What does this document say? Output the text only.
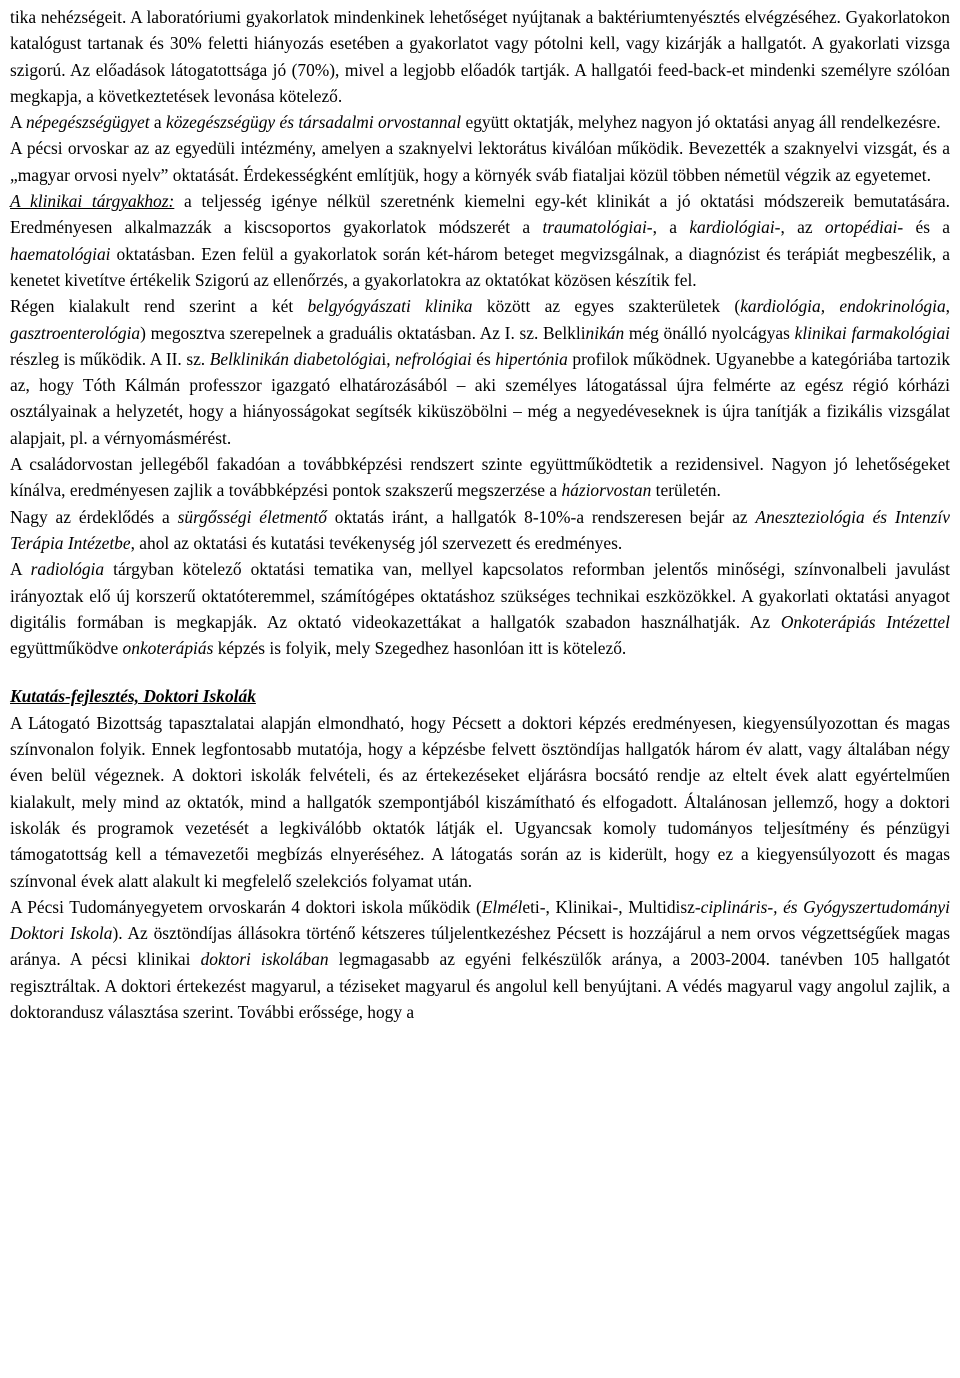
tika nehézségeit. A laboratóriumi gyakorlatok mindenkinek lehetőséget nyújtanak a baktériumtenyésztés elvégzéséhez. Gyakorlatokon katalógust tartanak és 30% feletti hiányozás esetében a gyakorlatot vagy pótolni kell, vagy kizárják a hallgatót. A gyakorlati vizsga szigorú. Az előadások látogatottsága jó (70%), mivel a legjobb előadók tartják. A hallgatói feed-back-et mindenki személyre szólóan megkapja, a következtetések levonása kötelező.

A népegészségügyet a közegészségügy és társadalmi orvostannal együtt oktatják, melyhez nagyon jó oktatási anyag áll rendelkezésre.

A pécsi orvoskar az az egyedüli intézmény, amelyen a szaknyelvi lektorátus kiválóan működik. Bevezették a szaknyelvi vizsgát, és a „magyar orvosi nyelv” oktatását. Érdekességként említjük, hogy a környék sváb fiataljai közül többen németül végzik az egyetemet.

A klinikai tárgyakhoz: a teljesség igénye nélkül szeretnénk kiemelni egy-két klinikát a jó oktatási módszereik bemutatására. Eredményesen alkalmazzák a kiscsoportos gyakorlatok módszerét a traumatológiai-, a kardiológiai-, az ortopédiai- és a haematológiai oktatásban. Ezen felül a gyakorlatok során két-három beteget megvizsgálnak, a diagnózist és terápiát megbeszélik, a kenetet kivetítve értékelik Szigorú az ellenőrzés, a gyakorlatokra az oktatókat közösen készítik fel.

Régen kialakult rend szerint a két belgyógyászati klinika között az egyes szakterületek (kardiológia, endokrinológia, gasztroenterológia) megosztva szerepelnek a graduális oktatásban. Az I. sz. Belklinikán még önálló nyolcágyas klinikai farmakológiai részleg is működik. A II. sz. Belklinikán diabetológiai, nefrológiai és hipertónia profilok működnek. Ugyanebbe a kategóriába tartozik az, hogy Tóth Kálmán professzor igazgató elhatározásából – aki személyes látogatással újra felmérte az egész régió kórházi osztályainak a helyzetét, hogy a hiányosságokat segítsék kiküszöbölni – még a negyedéveseknek is újra tanítják a fizikális vizsgálat alapjait, pl. a vérnyomásmérést.

A családorvostan jellegéből fakadóan a továbbképzési rendszert szinte együttműködtetik a rezidensivel. Nagyon jó lehetőségeket kínálva, eredményesen zajlik a továbbképzési pontok szakszerű megszerzése a háziorvostan területén.

Nagy az érdeklődés a sürgősségi életmentő oktatás iránt, a hallgatók 8-10%-a rendszeresen bejár az Aneszteziológia és Intenzív Terápia Intézetbe, ahol az oktatási és kutatási tevékenység jól szervezett és eredményes.

A radiológia tárgyban kötelező oktatási tematika van, mellyel kapcsolatos reformban jelentős minőségi, színvonalbeli javulást irányoztak elő új korszerű oktatóteremmel, számítógépes oktatáshoz szükséges technikai eszközökkel. A gyakorlati oktatási anyagot digitális formában is megkapják. Az oktató videokazettákat a hallgatók szabadon használhatják. Az Onkoterápiás Intézettel együttműködve onkoterápiás képzés is folyik, mely Szegedhez hasonlóan itt is kötelező.

Kutatás-fejlesztés, Doktori Iskolák

A Látogató Bizottság tapasztalatai alapján elmondható, hogy Pécsett a doktori képzés eredményesen, kiegyensúlyozottan és magas színvonalon folyik. Ennek legfontosabb mutatója, hogy a képzésbe felvett ösztöndíjas hallgatók három év alatt, vagy általában négy éven belül végeznek. A doktori iskolák felvételi, és az értekezéseket eljárásra bocsátó rendje az eltelt évek alatt egyértelműen kialakult, mely mind az oktatók, mind a hallgatók szempontjából kiszámítható és elfogadott. Általánosan jellemző, hogy a doktori iskolák és programok vezetését a legkiválóbb oktatók látják el. Ugyancsak komoly tudományos teljesítmény és pénzügyi támogatottság kell a témavezetői megbízás elnyeréséhez. A látogatás során az is kiderült, hogy ez a kiegyensúlyozott és magas színvonal évek alatt alakult ki megfelelő szelekciós folyamat után.

A Pécsi Tudományegyetem orvoskarán 4 doktori iskola működik (Elméleti-, Klinikai-, Multidisz-ciplináris-, és Gyógyszertudományi Doktori Iskola). Az ösztöndíjas állásokra történő kétszeres túljelentkezéshez Pécsett is hozzájárul a nem orvos végzettségűek magas aránya. A pécsi klinikai doktori iskolában legmagasabb az egyéni felkészülők aránya, a 2003-2004. tanévben 105 hallgatót regisztráltak. A doktori értekezést magyarul, a téziseket magyarul és angolul kell benyújtani. A védés magyarul vagy angolul zajlik, a doktorandusz választása szerint. További erőssége, hogy a
